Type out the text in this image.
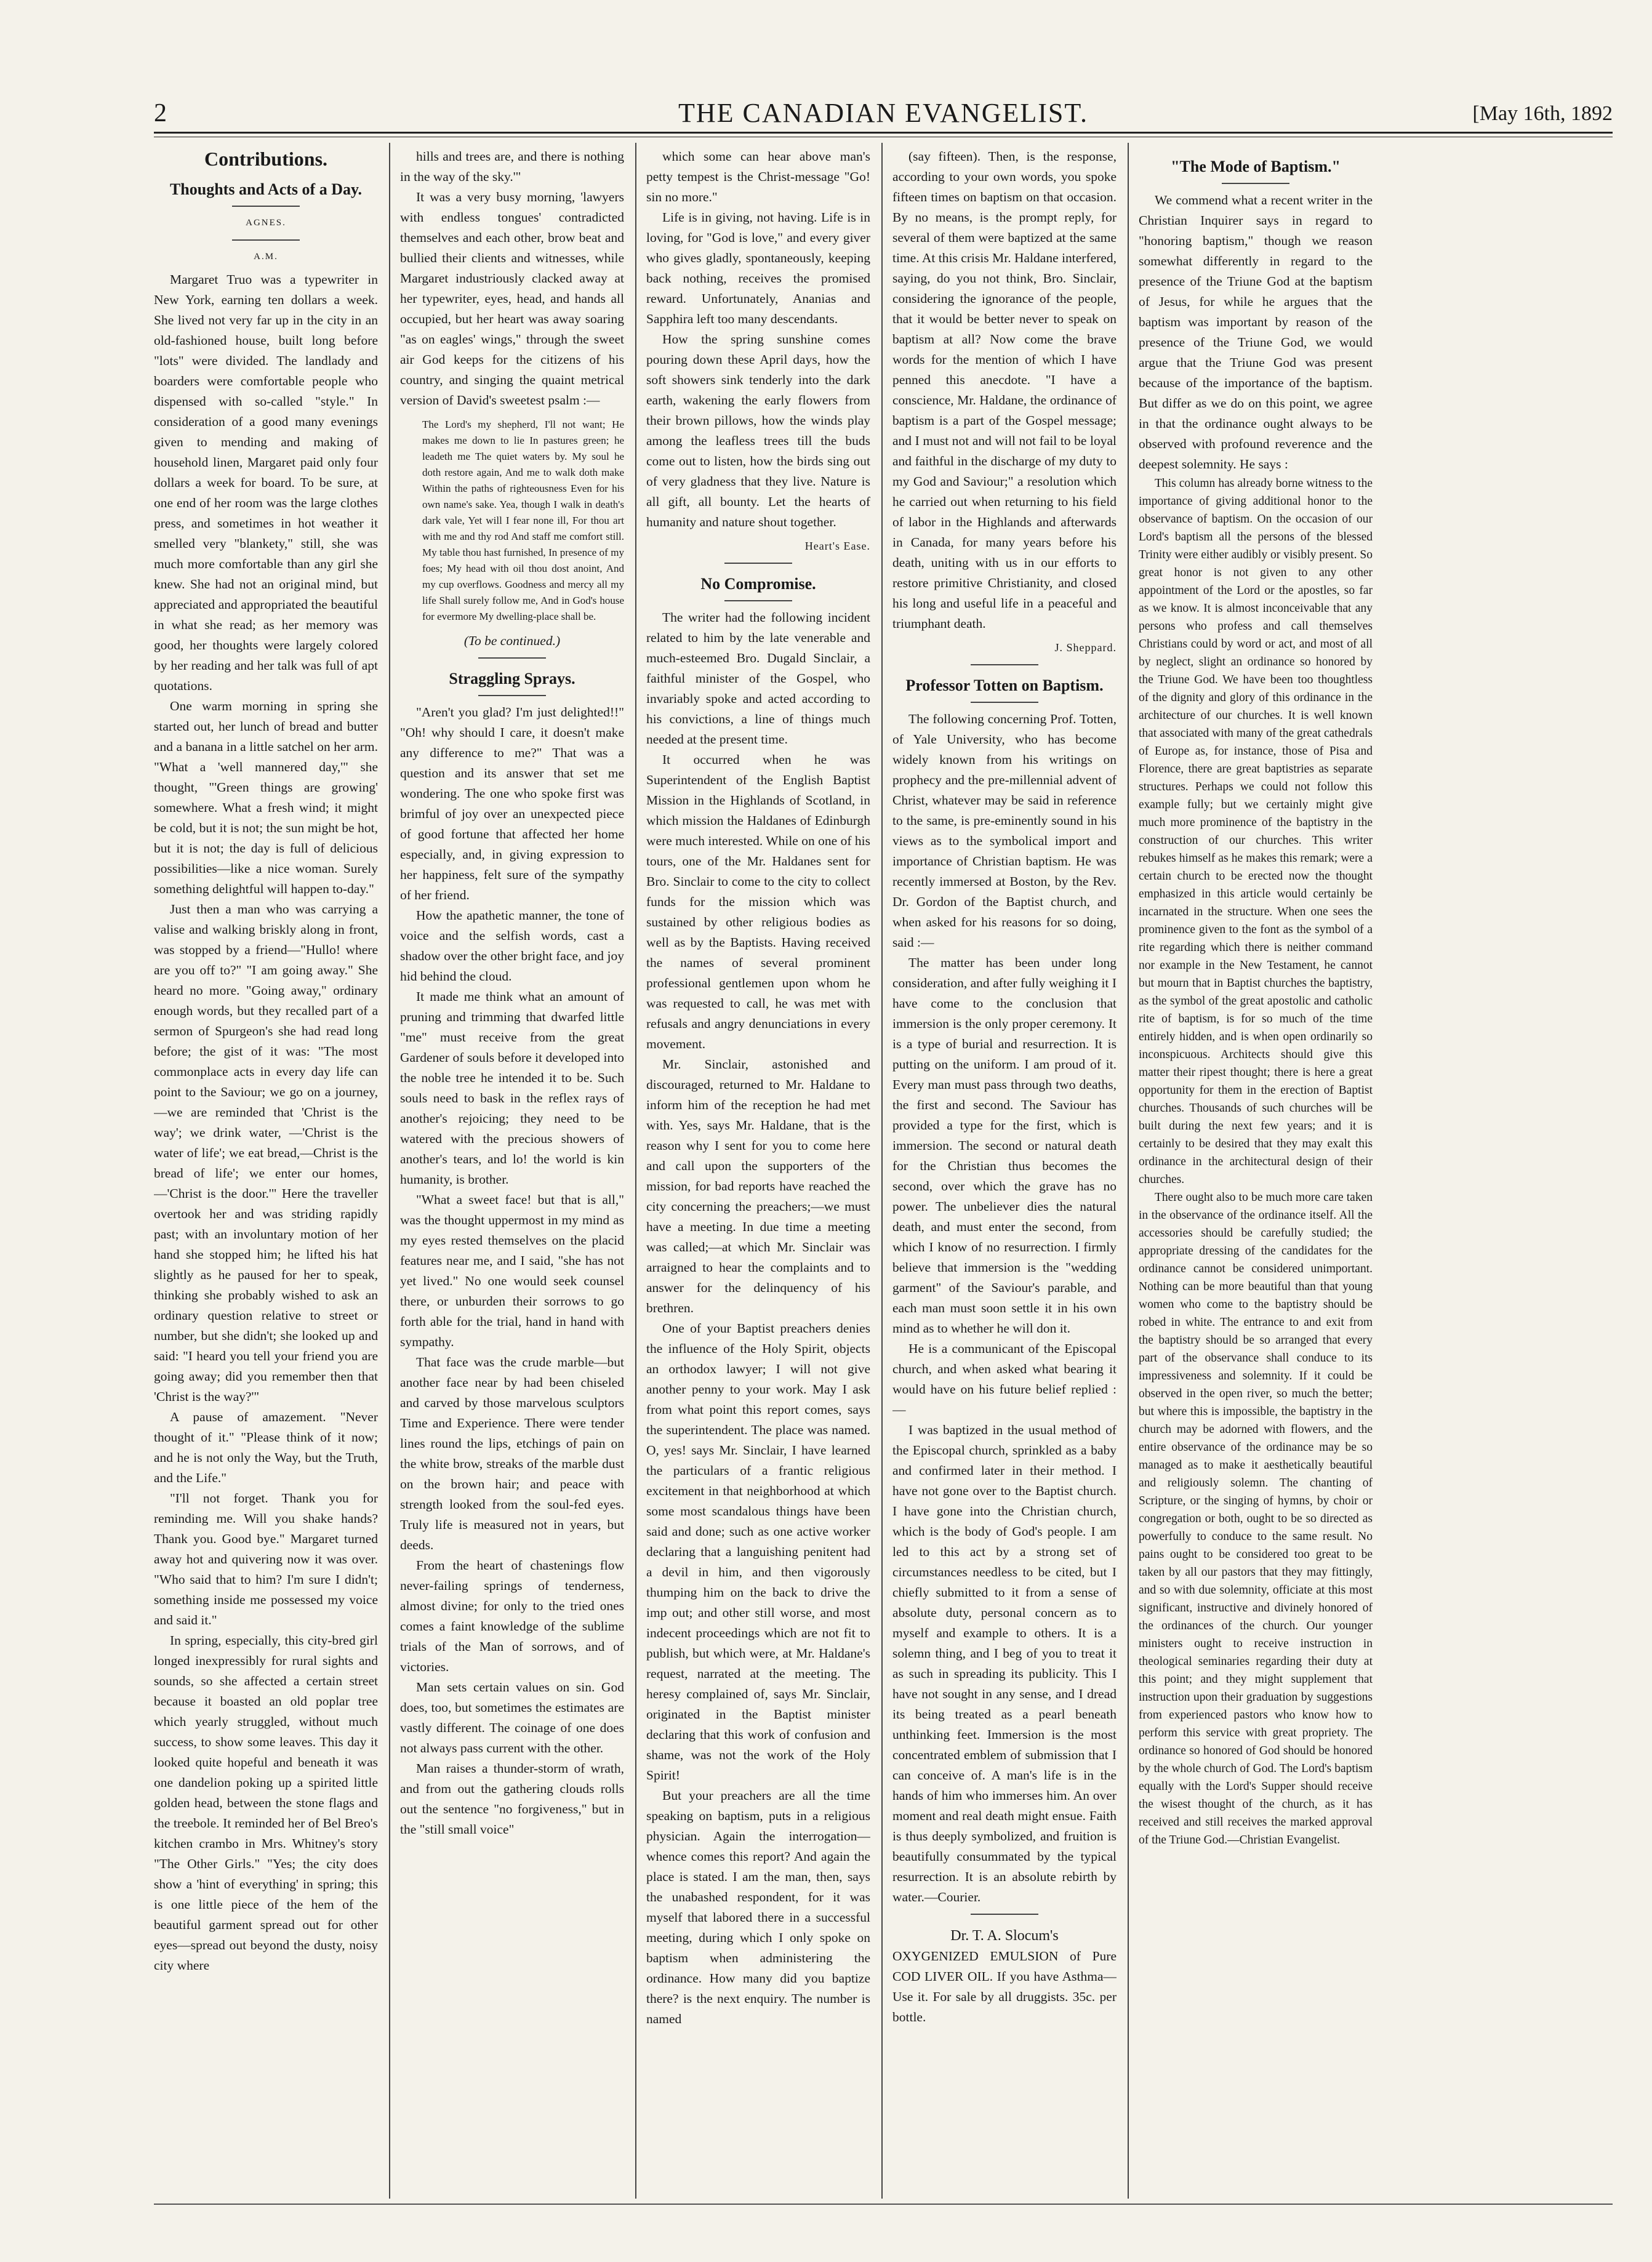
2	THE CANADIAN EVANGELIST.	[May 16th, 1892
Contributions.
Thoughts and Acts of a Day.
AGNES.
A.M.

Margaret Truo was a typewriter in New York, earning ten dollars a week. She lived not very far up in the city in an old-fashioned house, built long before "lots" were divided. The landlady and boarders were comfortable people who dispensed with so-called "style." In consideration of a good many evenings given to mending and making of household linen, Margaret paid only four dollars a week for board. To be sure, at one end of her room was the large clothes press, and sometimes in hot weather it smelled very "blankety," still, she was much more comfortable than any girl she knew. She had not an original mind, but appreciated and appropriated the beautiful in what she read; as her memory was good, her thoughts were largely colored by her reading and her talk was full of apt quotations.

One warm morning in spring she started out, her lunch of bread and butter and a banana in a little satchel on her arm. "What a 'well mannered day,'" she thought, "'Green things are growing' somewhere. What a fresh wind; it might be cold, but it is not; the sun might be hot, but it is not; the day is full of delicious possibilities—like a nice woman. Surely something delightful will happen to-day."

Just then a man who was carrying a valise and walking briskly along in front, was stopped by a friend—"Hullo! where are you off to?" "I am going away." She heard no more. "Going away," ordinary enough words, but they recalled part of a sermon of Spurgeon's she had read long before; the gist of it was: "The most commonplace acts in every day life can point to the Saviour; we go on a journey,—we are reminded that 'Christ is the way'; we drink water, —'Christ is the water of life'; we eat bread,—Christ is the bread of life'; we enter our homes,—'Christ is the door.'" Here the traveller overtook her and was striding rapidly past; with an involuntary motion of her hand she stopped him; he lifted his hat slightly as he paused for her to speak, thinking she probably wished to ask an ordinary question relative to street or number, but she didn't; she looked up and said: "I heard you tell your friend you are going away; did you remember then that 'Christ is the way?'"

A pause of amazement. "Never thought of it." "Please think of it now; and he is not only the Way, but the Truth, and the Life."

"I'll not forget. Thank you for reminding me. Will you shake hands? Thank you. Good bye." Margaret turned away hot and quivering now it was over. "Who said that to him? I'm sure I didn't; something inside me possessed my voice and said it."

In spring, especially, this city-bred girl longed inexpressibly for rural sights and sounds, so she affected a certain street because it boasted an old poplar tree which yearly struggled, without much success, to show some leaves. This day it looked quite hopeful and beneath it was one dandelion poking up a spirited little golden head, between the stone flags and the treebole. It reminded her of Bel Breo's kitchen crambo in Mrs. Whitney's story "The Other Girls." "Yes; the city does show a 'hint of everything' in spring; this is one little piece of the hem of the beautiful garment spread out for other eyes—spread out beyond the dusty, noisy city where

hills and trees are, and there is nothing in the way of the sky.'"

It was a very busy morning, 'lawyers with endless tongues' contradicted themselves and each other, brow beat and bullied their clients and witnesses, while Margaret industriously clacked away at her typewriter, eyes, head, and hands all occupied, but her heart was away soaring "as on eagles' wings," through the sweet air God keeps for the citizens of his country, and singing the quaint metrical version of David's sweetest psalm :—

The Lord's my shepherd, I'll not want; He makes me down to lie In pastures green; he leadeth me The quiet waters by. My soul he doth restore again, And me to walk doth make Within the paths of righteousness Even for his own name's sake. Yea, though I walk in death's dark vale, Yet will I fear none ill, For thou art with me and thy rod And staff me comfort still. My table thou hast furnished, In presence of my foes; My head with oil thou dost anoint, And my cup overflows. Goodness and mercy all my life Shall surely follow me, And in God's house for evermore My dwelling-place shall be.
(To be continued.)
Straggling Sprays.

"Aren't you glad? I'm just delighted!!" "Oh! why should I care, it doesn't make any difference to me?" That was a question and its answer that set me wondering. The one who spoke first was brimful of joy over an unexpected piece of good fortune that affected her home especially, and, in giving expression to her happiness, felt sure of the sympathy of her friend.

How the apathetic manner, the tone of voice and the selfish words, cast a shadow over the other bright face, and joy hid behind the cloud.

It made me think what an amount of pruning and trimming that dwarfed little "me" must receive from the great Gardener of souls before it developed into the noble tree he intended it to be. Such souls need to bask in the reflex rays of another's rejoicing; they need to be watered with the precious showers of another's tears, and lo! the world is kin humanity, is brother.

"What a sweet face! but that is all," was the thought uppermost in my mind as my eyes rested themselves on the placid features near me, and I said, "she has not yet lived." No one would seek counsel there, or unburden their sorrows to go forth able for the trial, hand in hand with sympathy.

That face was the crude marble—but another face near by had been chiseled and carved by those marvelous sculptors Time and Experience. There were tender lines round the lips, etchings of pain on the white brow, streaks of the marble dust on the brown hair; and peace with strength looked from the soul-fed eyes. Truly life is measured not in years, but deeds.

From the heart of chastenings flow never-failing springs of tenderness, almost divine; for only to the tried ones comes a faint knowledge of the sublime trials of the Man of sorrows, and of victories.

Man sets certain values on sin. God does, too, but sometimes the estimates are vastly different. The coinage of one does not always pass current with the other.

Man raises a thunder-storm of wrath, and from out the gathering clouds rolls out the sentence "no forgiveness," but in the "still small voice"

which some can hear above man's petty tempest is the Christ-message "Go! sin no more."

Life is in giving, not having. Life is in loving, for "God is love," and every giver who gives gladly, spontaneously, keeping back nothing, receives the promised reward. Unfortunately, Ananias and Sapphira left too many descendants.

How the spring sunshine comes pouring down these April days, how the soft showers sink tenderly into the dark earth, wakening the early flowers from their brown pillows, how the winds play among the leafless trees till the buds come out to listen, how the birds sing out of very gladness that they live. Nature is all gift, all bounty. Let the hearts of humanity and nature shout together.

Heart's Ease.
No Compromise.

The writer had the following incident related to him by the late venerable and much-esteemed Bro. Dugald Sinclair, a faithful minister of the Gospel, who invariably spoke and acted according to his convictions, a line of things much needed at the present time.

It occurred when he was Superintendent of the English Baptist Mission in the Highlands of Scotland, in which mission the Haldanes of Edinburgh were much interested. While on one of his tours, one of the Mr. Haldanes sent for Bro. Sinclair to come to the city to collect funds for the mission which was sustained by other religious bodies as well as by the Baptists. Having received the names of several prominent professional gentlemen upon whom he was requested to call, he was met with refusals and angry denunciations in every movement.

Mr. Sinclair, astonished and discouraged, returned to Mr. Haldane to inform him of the reception he had met with. Yes, says Mr. Haldane, that is the reason why I sent for you to come here and call upon the supporters of the mission, for bad reports have reached the city concerning the preachers;—we must have a meeting. In due time a meeting was called;—at which Mr. Sinclair was arraigned to hear the complaints and to answer for the delinquency of his brethren.

One of your Baptist preachers denies the influence of the Holy Spirit, objects an orthodox lawyer; I will not give another penny to your work. May I ask from what point this report comes, says the superintendent. The place was named. O, yes! says Mr. Sinclair, I have learned the particulars of a frantic religious excitement in that neighborhood at which some most scandalous things have been said and done; such as one active worker declaring that a languishing penitent had a devil in him, and then vigorously thumping him on the back to drive the imp out; and other still worse, and most indecent proceedings which are not fit to publish, but which were, at Mr. Haldane's request, narrated at the meeting. The heresy complained of, says Mr. Sinclair, originated in the Baptist minister declaring that this work of confusion and shame, was not the work of the Holy Spirit!

But your preachers are all the time speaking on baptism, puts in a religious physician. Again the interrogation—whence comes this report? And again the place is stated. I am the man, then, says the unabashed respondent, for it was myself that labored there in a successful meeting, during which I only spoke on baptism when administering the ordinance. How many did you baptize there? is the next enquiry. The number is named

(say fifteen). Then, is the response, according to your own words, you spoke fifteen times on baptism on that occasion. By no means, is the prompt reply, for several of them were baptized at the same time. At this crisis Mr. Haldane interfered, saying, do you not think, Bro. Sinclair, considering the ignorance of the people, that it would be better never to speak on baptism at all? Now come the brave words for the mention of which I have penned this anecdote. "I have a conscience, Mr. Haldane, the ordinance of baptism is a part of the Gospel message; and I must not and will not fail to be loyal and faithful in the discharge of my duty to my God and Saviour;" a resolution which he carried out when returning to his field of labor in the Highlands and afterwards in Canada, for many years before his death, uniting with us in our efforts to restore primitive Christianity, and closed his long and useful life in a peaceful and triumphant death.

J. Sheppard.
Professor Totten on Baptism.

The following concerning Prof. Totten, of Yale University, who has become widely known from his writings on prophecy and the pre-millennial advent of Christ, whatever may be said in reference to the same, is pre-eminently sound in his views as to the symbolical import and importance of Christian baptism. He was recently immersed at Boston, by the Rev. Dr. Gordon of the Baptist church, and when asked for his reasons for so doing, said :—

The matter has been under long consideration, and after fully weighing it I have come to the conclusion that immersion is the only proper ceremony. It is a type of burial and resurrection. It is putting on the uniform. I am proud of it. Every man must pass through two deaths, the first and second. The Saviour has provided a type for the first, which is immersion. The second or natural death for the Christian thus becomes the second, over which the grave has no power. The unbeliever dies the natural death, and must enter the second, from which I know of no resurrection. I firmly believe that immersion is the "wedding garment" of the Saviour's parable, and each man must soon settle it in his own mind as to whether he will don it.

He is a communicant of the Episcopal church, and when asked what bearing it would have on his future belief replied :—

I was baptized in the usual method of the Episcopal church, sprinkled as a baby and confirmed later in their method. I have not gone over to the Baptist church. I have gone into the Christian church, which is the body of God's people. I am led to this act by a strong set of circumstances needless to be cited, but I chiefly submitted to it from a sense of absolute duty, personal concern as to myself and example to others. It is a solemn thing, and I beg of you to treat it as such in spreading its publicity. This I have not sought in any sense, and I dread its being treated as a pearl beneath unthinking feet. Immersion is the most concentrated emblem of submission that I can conceive of. A man's life is in the hands of him who immerses him. An over moment and real death might ensue. Faith is thus deeply symbolized, and fruition is beautifully consummated by the typical resurrection. It is an absolute rebirth by water.—Courier.

Dr. T. A. Slocum's

OXYGENIZED EMULSION of Pure COD LIVER OIL. If you have Asthma—Use it. For sale by all druggists. 35c. per bottle.

"The Mode of Baptism."

We commend what a recent writer in the Christian Inquirer says in regard to "honoring baptism," though we reason somewhat differently in regard to the presence of the Triune God at the baptism of Jesus, for while he argues that the baptism was important by reason of the presence of the Triune God, we would argue that the Triune God was present because of the importance of the baptism. But differ as we do on this point, we agree in that the ordinance ought always to be observed with profound reverence and the deepest solemnity. He says :

This column has already borne witness to the importance of giving additional honor to the observance of baptism. On the occasion of our Lord's baptism all the persons of the blessed Trinity were either audibly or visibly present. So great honor is not given to any other appointment of the Lord or the apostles, so far as we know. It is almost inconceivable that any persons who profess and call themselves Christians could by word or act, and most of all by neglect, slight an ordinance so honored by the Triune God. We have been too thoughtless of the dignity and glory of this ordinance in the architecture of our churches. It is well known that associated with many of the great cathedrals of Europe as, for instance, those of Pisa and Florence, there are great baptistries as separate structures. Perhaps we could not follow this example fully; but we certainly might give much more prominence of the baptistry in the construction of our churches. This writer rebukes himself as he makes this remark; were a certain church to be erected now the thought emphasized in this article would certainly be incarnated in the structure. When one sees the prominence given to the font as the symbol of a rite regarding which there is neither command nor example in the New Testament, he cannot but mourn that in Baptist churches the baptistry, as the symbol of the great apostolic and catholic rite of baptism, is for so much of the time entirely hidden, and is when open ordinarily so inconspicuous. Architects should give this matter their ripest thought; there is here a great opportunity for them in the erection of Baptist churches. Thousands of such churches will be built during the next few years; and it is certainly to be desired that they may exalt this ordinance in the architectural design of their churches.

There ought also to be much more care taken in the observance of the ordinance itself. All the accessories should be carefully studied; the appropriate dressing of the candidates for the ordinance cannot be considered unimportant. Nothing can be more beautiful than that young women who come to the baptistry should be robed in white. The entrance to and exit from the baptistry should be so arranged that every part of the observance shall conduce to its impressiveness and solemnity. If it could be observed in the open river, so much the better; but where this is impossible, the baptistry in the church may be adorned with flowers, and the entire observance of the ordinance may be so managed as to make it aesthetically beautiful and religiously solemn. The chanting of Scripture, or the singing of hymns, by choir or congregation or both, ought to be so directed as powerfully to conduce to the same result. No pains ought to be considered too great to be taken by all our pastors that they may fittingly, and so with due solemnity, officiate at this most significant, instructive and divinely honored of the ordinances of the church. Our younger ministers ought to receive instruction in theological seminaries regarding their duty at this point; and they might supplement that instruction upon their graduation by suggestions from experienced pastors who know how to perform this service with great propriety. The ordinance so honored of God should be honored by the whole church of God. The Lord's baptism equally with the Lord's Supper should receive the wisest thought of the church, as it has received and still receives the marked approval of the Triune God.—Christian Evangelist.
